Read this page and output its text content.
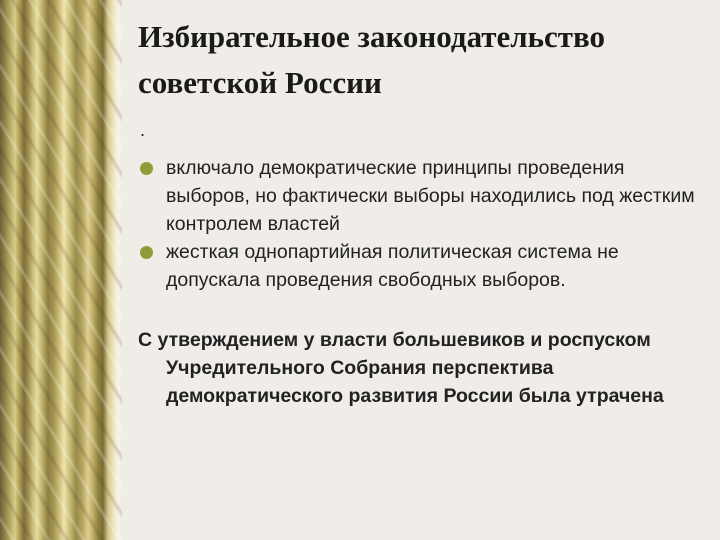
Избирательное законодательство советской России
.
включало демократические принципы проведения выборов, но фактически выборы находились под жестким контролем властей
жесткая однопартийная политическая система не допускала проведения свободных выборов.

С утверждением у власти большевиков и роспуском Учредительного Собрания перспектива демократического развития России была утрачена
